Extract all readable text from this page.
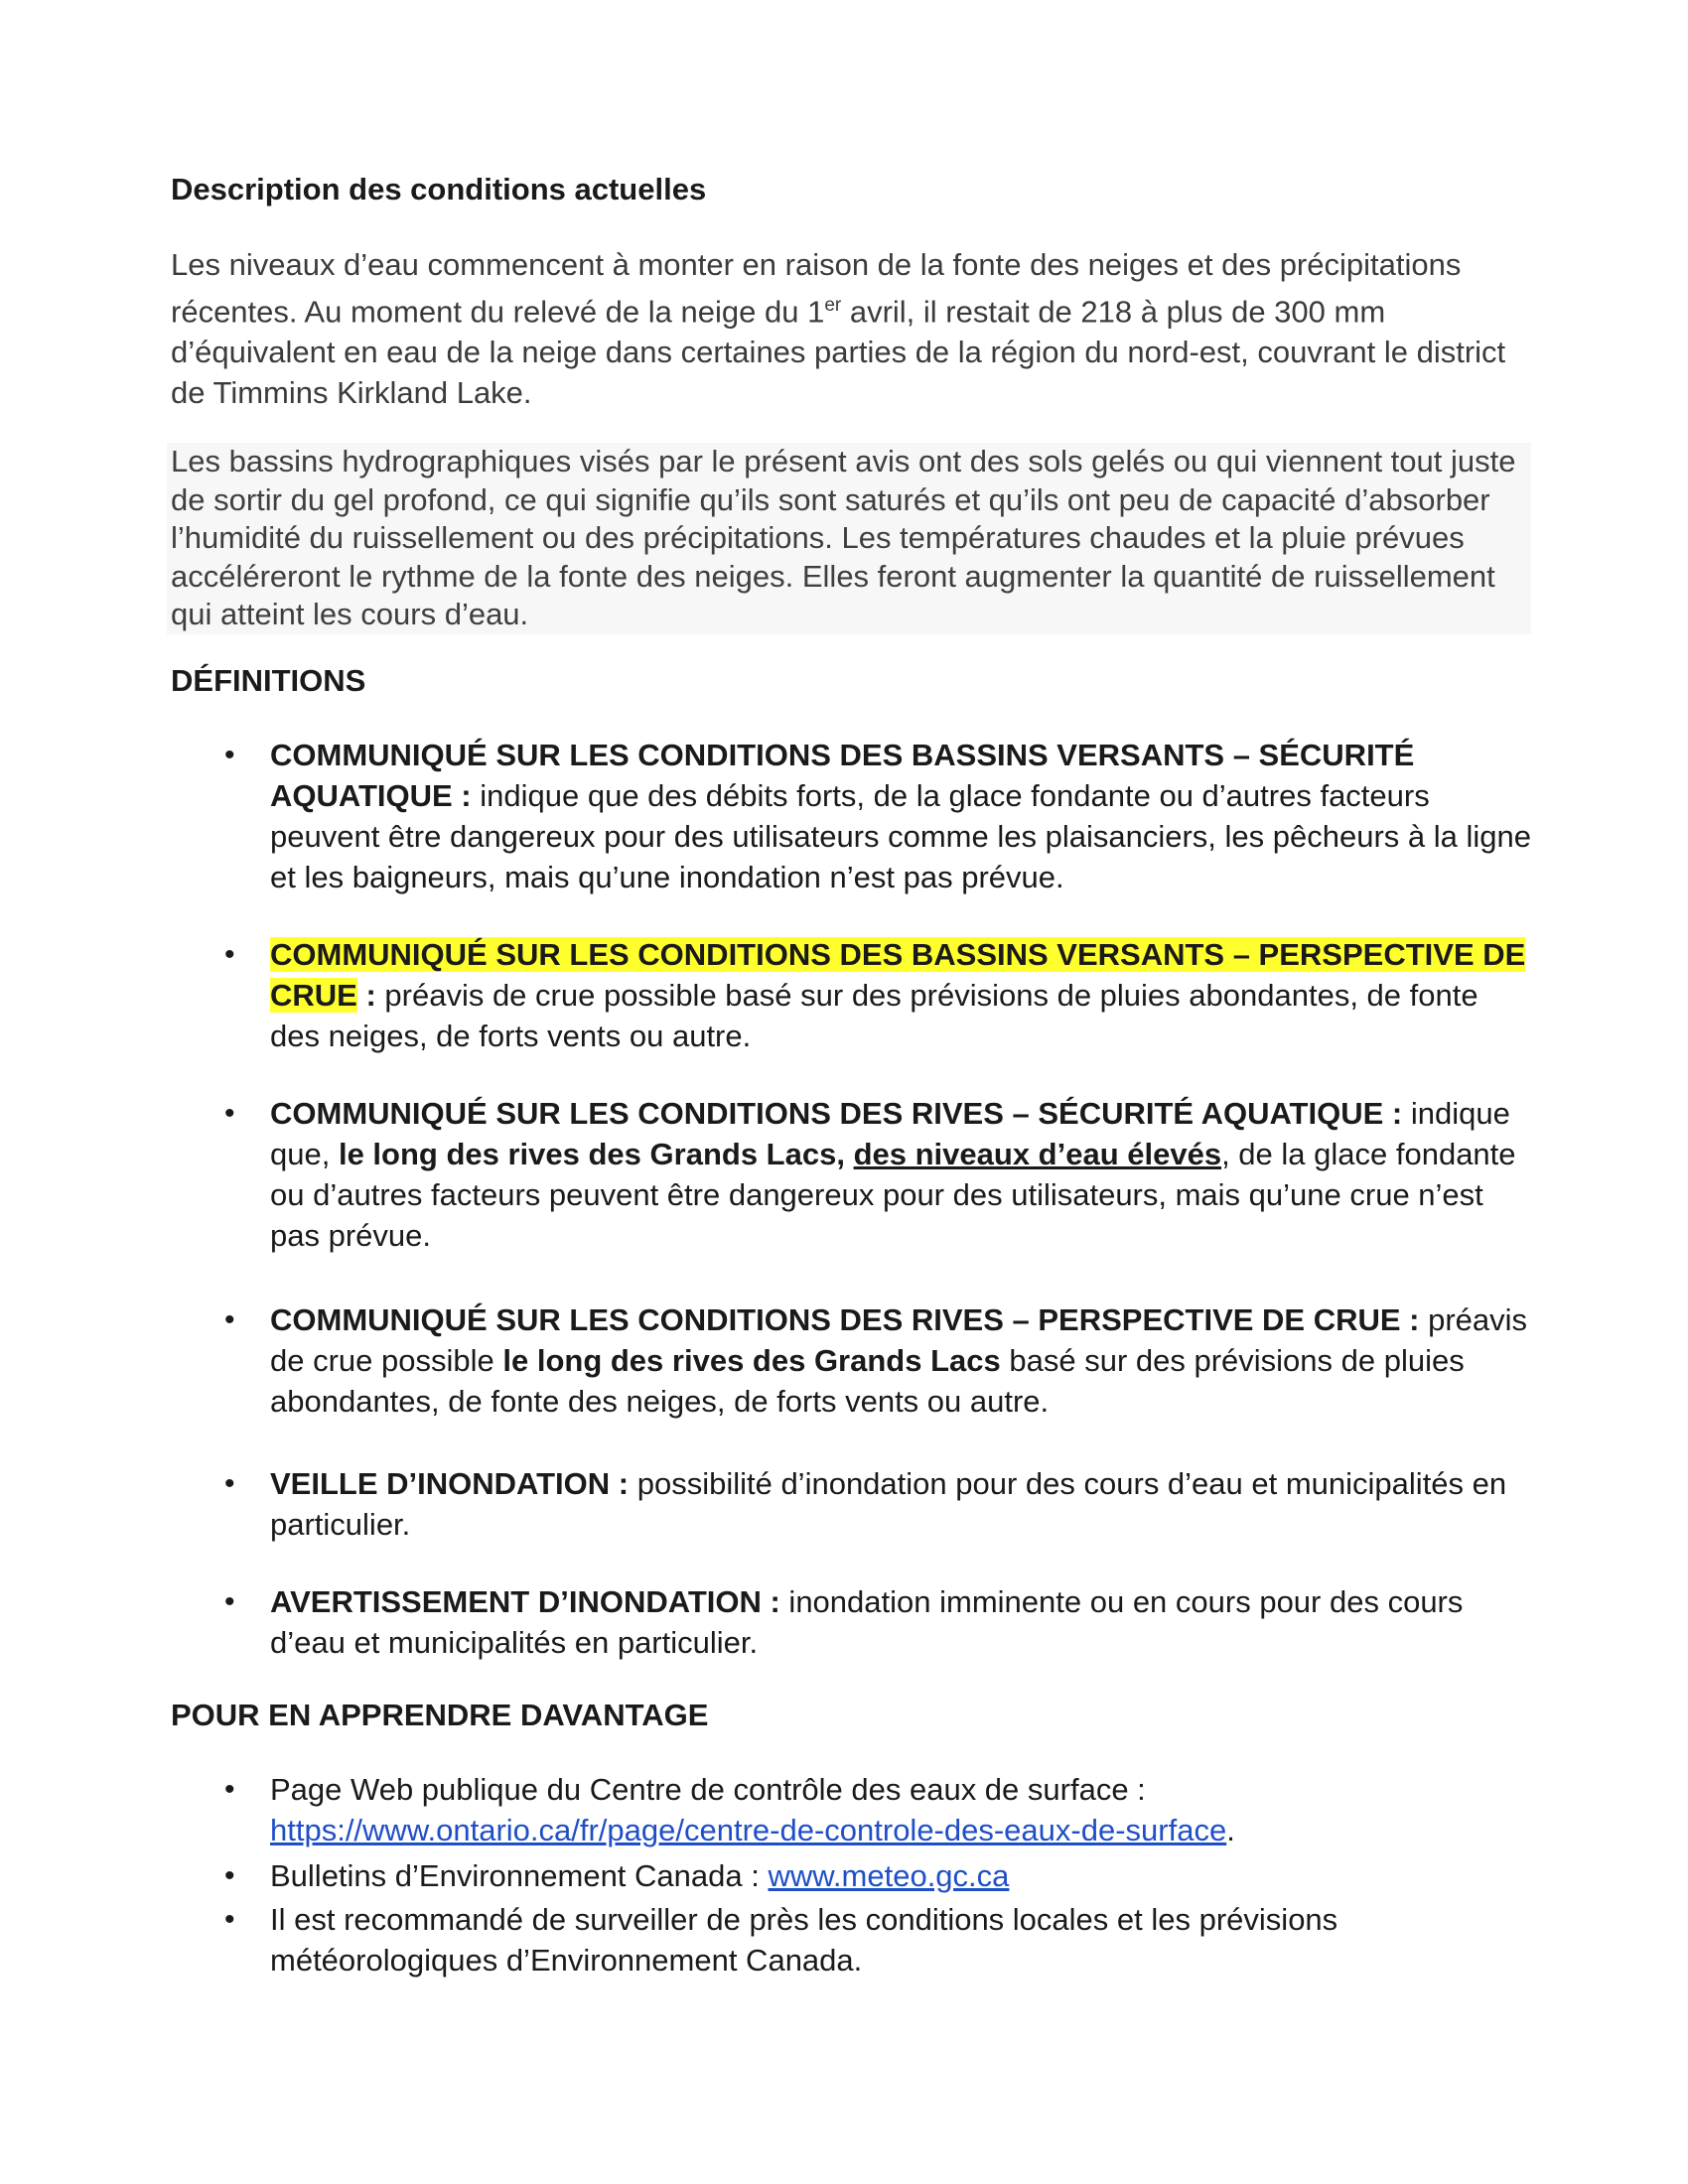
Description des conditions actuelles

Les niveaux d’eau commencent à monter en raison de la fonte des neiges et des précipitations récentes. Au moment du relevé de la neige du 1er avril, il restait de 218 à plus de 300 mm d’équivalent en eau de la neige dans certaines parties de la région du nord-est, couvrant le district de Timmins Kirkland Lake.

Les bassins hydrographiques visés par le présent avis ont des sols gelés ou qui viennent tout juste de sortir du gel profond, ce qui signifie qu’ils sont saturés et qu’ils ont peu de capacité d’absorber l’humidité du ruissellement ou des précipitations. Les températures chaudes et la pluie prévues accéléreront le rythme de la fonte des neiges. Elles feront augmenter la quantité de ruissellement qui atteint les cours d’eau.

DÉFINITIONS
• COMMUNIQUÉ SUR LES CONDITIONS DES BASSINS VERSANTS – SÉCURITÉ AQUATIQUE : indique que des débits forts, de la glace fondante ou d’autres facteurs peuvent être dangereux pour des utilisateurs comme les plaisanciers, les pêcheurs à la ligne et les baigneurs, mais qu’une inondation n’est pas prévue.
• COMMUNIQUÉ SUR LES CONDITIONS DES BASSINS VERSANTS – PERSPECTIVE DE CRUE : préavis de crue possible basé sur des prévisions de pluies abondantes, de fonte des neiges, de forts vents ou autre.
• COMMUNIQUÉ SUR LES CONDITIONS DES RIVES – SÉCURITÉ AQUATIQUE : indique que, le long des rives des Grands Lacs, des niveaux d’eau élevés, de la glace fondante ou d’autres facteurs peuvent être dangereux pour des utilisateurs, mais qu’une crue n’est pas prévue.
• COMMUNIQUÉ SUR LES CONDITIONS DES RIVES – PERSPECTIVE DE CRUE : préavis de crue possible le long des rives des Grands Lacs basé sur des prévisions de pluies abondantes, de fonte des neiges, de forts vents ou autre.
• VEILLE D’INONDATION : possibilité d’inondation pour des cours d’eau et municipalités en particulier.
• AVERTISSEMENT D’INONDATION : inondation imminente ou en cours pour des cours d’eau et municipalités en particulier.
POUR EN APPRENDRE DAVANTAGE
• Page Web publique du Centre de contrôle des eaux de surface :
https://www.ontario.ca/fr/page/centre-de-controle-des-eaux-de-surface.
• Bulletins d’Environnement Canada : www.meteo.gc.ca
• Il est recommandé de surveiller de près les conditions locales et les prévisions météorologiques d’Environnement Canada.
